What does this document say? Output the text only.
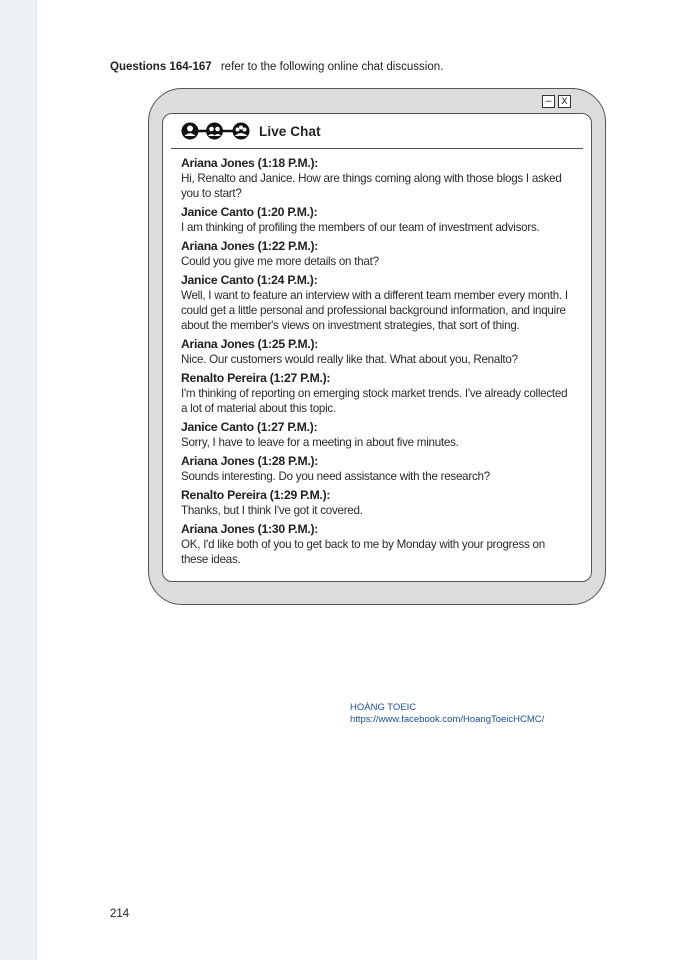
Questions 164-167 refer to the following online chat discussion.
−	X
Live Chat
Ariana Jones (1:18 P.M.):
Hi, Renalto and Janice. How are things coming along with those blogs I asked you to start?
Janice Canto (1:20 P.M.):
I am thinking of profiling the members of our team of investment advisors.
Ariana Jones (1:22 P.M.):
Could you give me more details on that?
Janice Canto (1:24 P.M.):
Well, I want to feature an interview with a different team member every month. I could get a little personal and professional background information, and inquire about the member's views on investment strategies, that sort of thing.
Ariana Jones (1:25 P.M.):
Nice. Our customers would really like that. What about you, Renalto?
Renalto Pereira (1:27 P.M.):
I'm thinking of reporting on emerging stock market trends. I've already collected a lot of material about this topic.
Janice Canto (1:27 P.M.):
Sorry, I have to leave for a meeting in about five minutes.
Ariana Jones (1:28 P.M.):
Sounds interesting. Do you need assistance with the research?
Renalto Pereira (1:29 P.M.):
Thanks, but I think I've got it covered.
Ariana Jones (1:30 P.M.):
OK, I'd like both of you to get back to me by Monday with your progress on these ideas.
HOÀNG TOEIC
https://www.facebook.com/HoangToeicHCMC/
214
